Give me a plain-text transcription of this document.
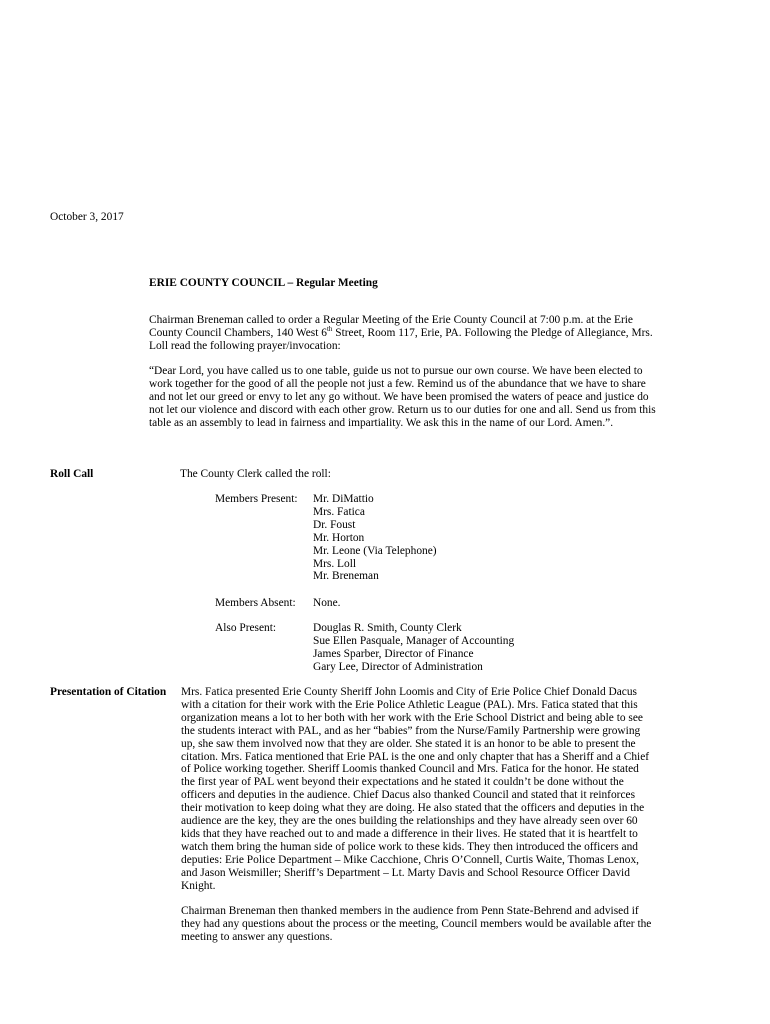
October 3, 2017
ERIE COUNTY COUNCIL – Regular Meeting
Chairman Breneman called to order a Regular Meeting of the Erie County Council at 7:00 p.m. at the Erie County Council Chambers, 140 West 6th Street, Room 117, Erie, PA. Following the Pledge of Allegiance, Mrs. Loll read the following prayer/invocation:
“Dear Lord, you have called us to one table, guide us not to pursue our own course. We have been elected to work together for the good of all the people not just a few. Remind us of the abundance that we have to share and not let our greed or envy to let any go without. We have been promised the waters of peace and justice do not let our violence and discord with each other grow. Return us to our duties for one and all. Send us from this table as an assembly to lead in fairness and impartiality. We ask this in the name of our Lord. Amen.”.
Roll Call	The County Clerk called the roll:
Members Present: Mr. DiMattio
Mrs. Fatica
Dr. Foust
Mr. Horton
Mr. Leone (Via Telephone)
Mrs. Loll
Mr. Breneman
Members Absent: None.
Also Present:	Douglas R. Smith, County Clerk
Sue Ellen Pasquale, Manager of Accounting
James Sparber, Director of Finance
Gary Lee, Director of Administration
Presentation of Citation Mrs. Fatica presented Erie County Sheriff John Loomis and City of Erie Police Chief Donald Dacus with a citation for their work with the Erie Police Athletic League (PAL). Mrs. Fatica stated that this organization means a lot to her both with her work with the Erie School District and being able to see the students interact with PAL, and as her “babies” from the Nurse/Family Partnership were growing up, she saw them involved now that they are older. She stated it is an honor to be able to present the citation. Mrs. Fatica mentioned that Erie PAL is the one and only chapter that has a Sheriff and a Chief of Police working together. Sheriff Loomis thanked Council and Mrs. Fatica for the honor. He stated the first year of PAL went beyond their expectations and he stated it couldn’t be done without the officers and deputies in the audience. Chief Dacus also thanked Council and stated that it reinforces their motivation to keep doing what they are doing. He also stated that the officers and deputies in the audience are the key, they are the ones building the relationships and they have already seen over 60 kids that they have reached out to and made a difference in their lives. He stated that it is heartfelt to watch them bring the human side of police work to these kids. They then introduced the officers and deputies: Erie Police Department – Mike Cacchione, Chris O’Connell, Curtis Waite, Thomas Lenox, and Jason Weismiller; Sheriff’s Department – Lt. Marty Davis and School Resource Officer David Knight.
Chairman Breneman then thanked members in the audience from Penn State-Behrend and advised if they had any questions about the process or the meeting, Council members would be available after the meeting to answer any questions.
